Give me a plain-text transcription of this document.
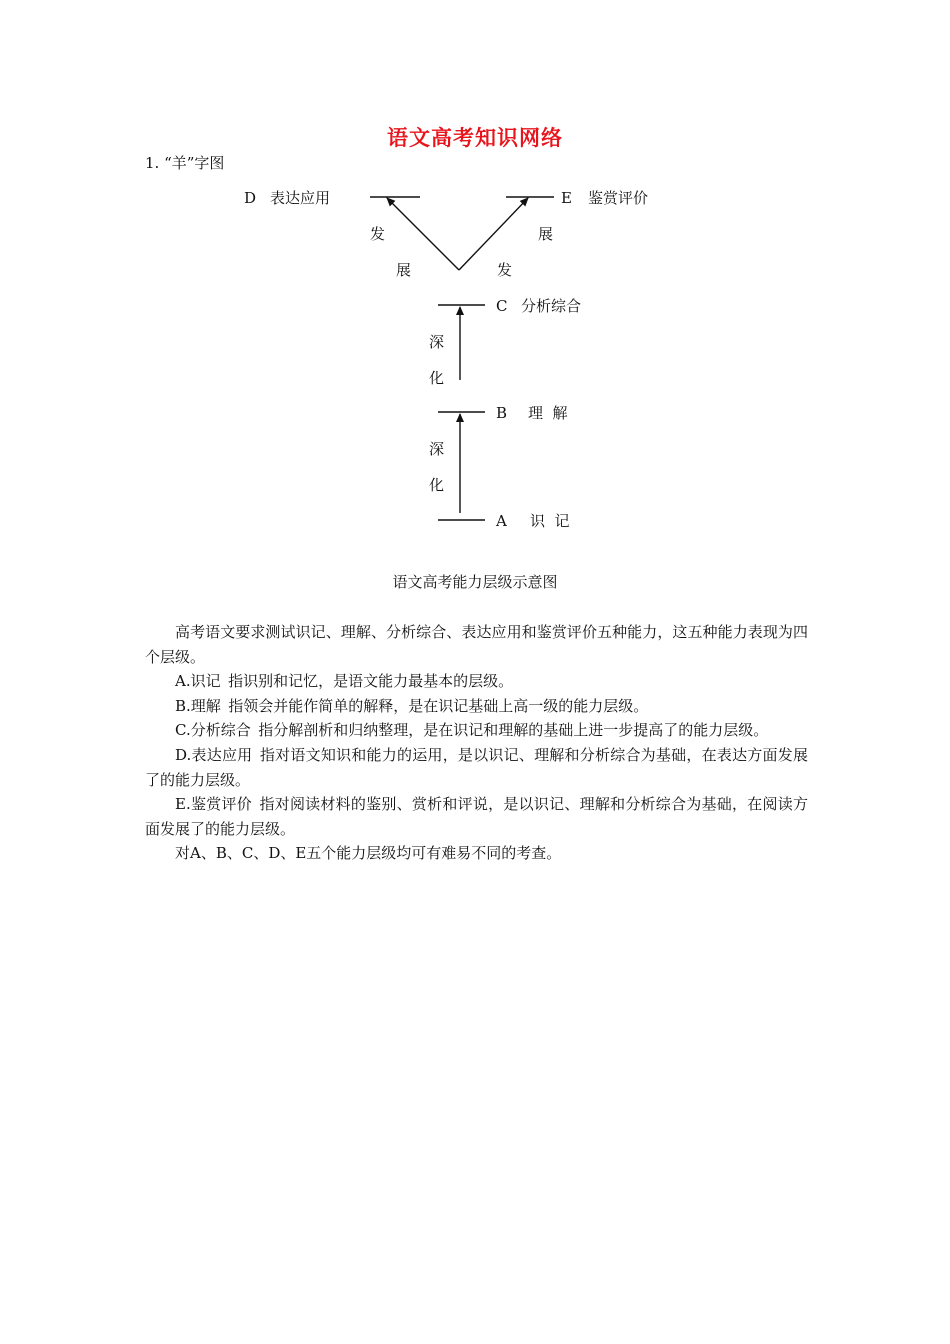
语文高考知识网络
1. “羊”字图
D 表达应用	E 鉴赏评价
发
展
展
发
C 分析综合
深
化
B 理  解
深
化
A 识  记
语文高考能力层级示意图

高考语文要求测试识记、理解、分析综合、表达应用和鉴赏评价五种能力，这五种能力表现为四个层级。

A.识记 指识别和记忆，是语文能力最基本的层级。

B.理解 指领会并能作简单的解释，是在识记基础上高一级的能力层级。

C.分析综合 指分解剖析和归纳整理，是在识记和理解的基础上进一步提高了的能力层级。

D.表达应用 指对语文知识和能力的运用，是以识记、理解和分析综合为基础，在表达方面发展了的能力层级。

E.鉴赏评价 指对阅读材料的鉴别、赏析和评说，是以识记、理解和分析综合为基础，在阅读方面发展了的能力层级。

对A、B、C、D、E五个能力层级均可有难易不同的考查。
